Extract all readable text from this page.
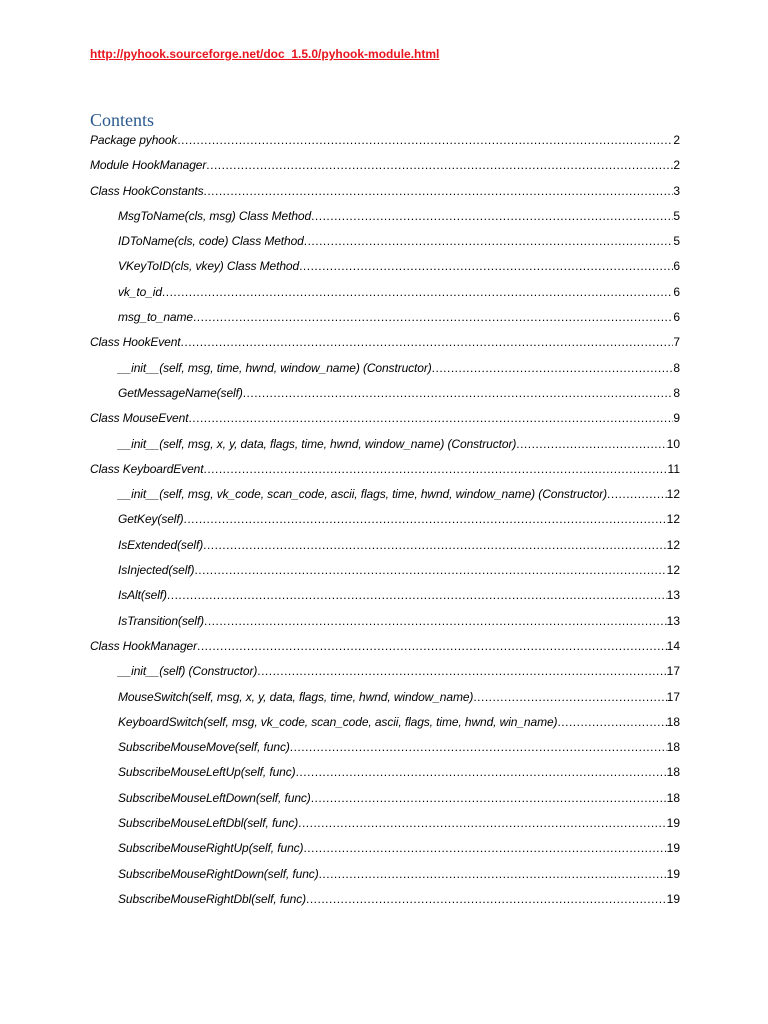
http://pyhook.sourceforge.net/doc_1.5.0/pyhook-module.html
Contents
Package pyhook .....	2
Module HookManager .....	2
Class HookConstants .....	3
MsgToName(cls, msg) Class Method .....	5
IDToName(cls, code) Class Method .....	5
VKeyToID(cls, vkey) Class Method .....	6
vk_to_id .....	6
msg_to_name .....	6
Class HookEvent .....	7
__init__(self, msg, time, hwnd, window_name) (Constructor) .....	8
GetMessageName(self) .....	8
Class MouseEvent .....	9
__init__(self, msg, x, y, data, flags, time, hwnd, window_name) (Constructor) .....	10
Class KeyboardEvent .....	11
__init__(self, msg, vk_code, scan_code, ascii, flags, time, hwnd, window_name) (Constructor) .....	12
GetKey(self) .....	12
IsExtended(self) .....	12
IsInjected(self) .....	12
IsAlt(self) .....	13
IsTransition(self) .....	13
Class HookManager .....	14
__init__(self) (Constructor) .....	17
MouseSwitch(self, msg, x, y, data, flags, time, hwnd, window_name) .....	17
KeyboardSwitch(self, msg, vk_code, scan_code, ascii, flags, time, hwnd, win_name) .....	18
SubscribeMouseMove(self, func) .....	18
SubscribeMouseLeftUp(self, func) .....	18
SubscribeMouseLeftDown(self, func) .....	18
SubscribeMouseLeftDbl(self, func) .....	19
SubscribeMouseRightUp(self, func) .....	19
SubscribeMouseRightDown(self, func) .....	19
SubscribeMouseRightDbl(self, func) .....	19
